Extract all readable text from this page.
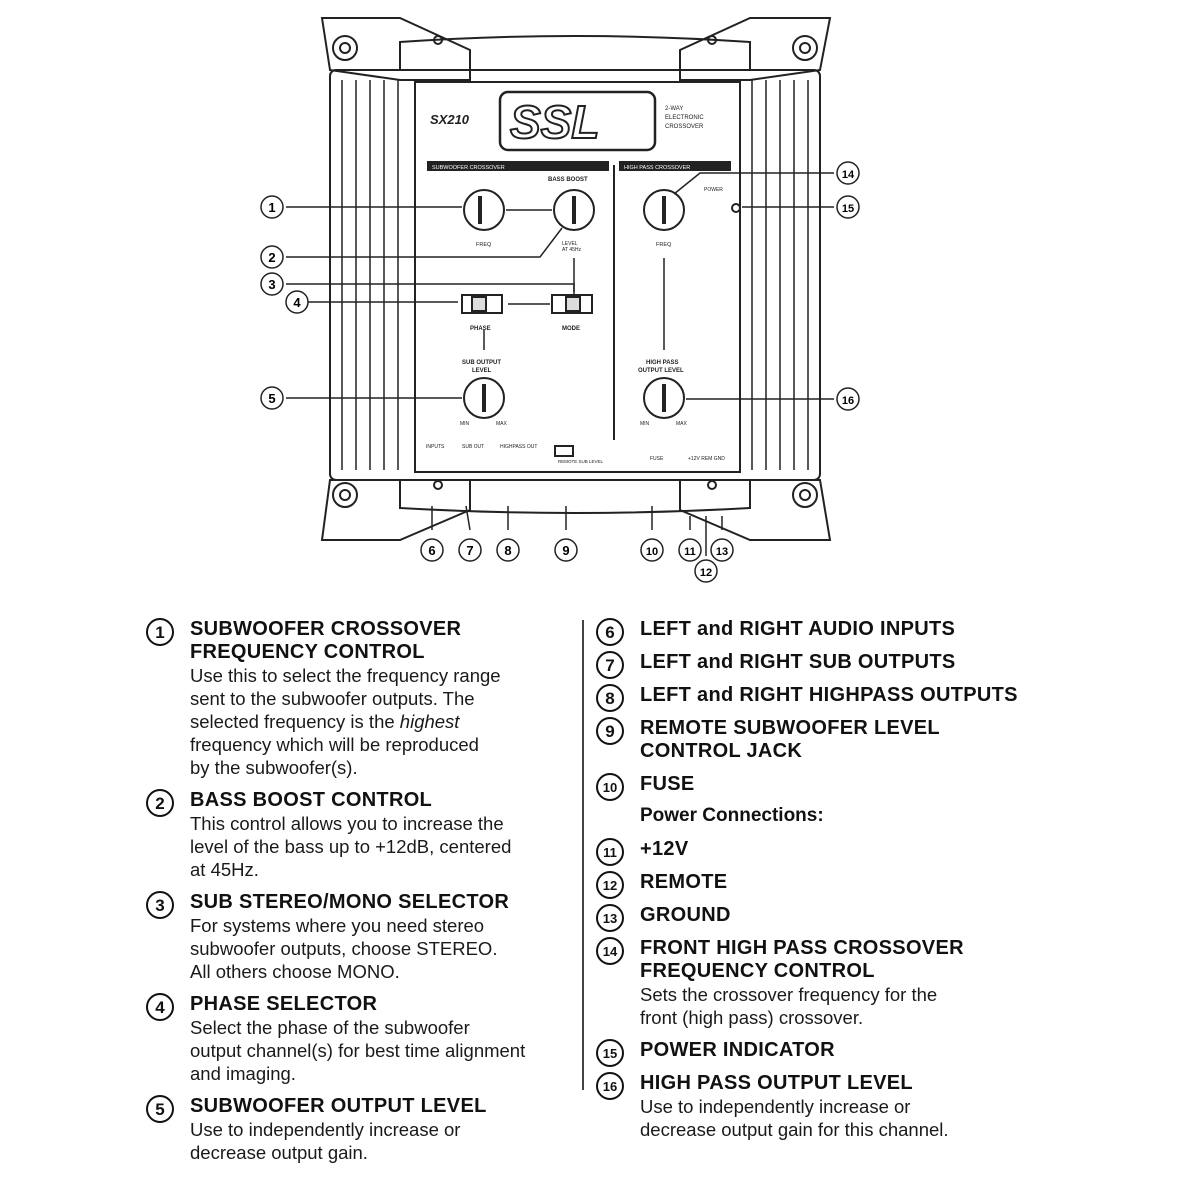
SX210 SSL	2-WAY
ELECTRONIC
CROSSOVER
SUBWOOFER CROSSOVER	HIGH PASS CROSSOVER
BASS BOOST
FREQ	FREQ
PHASE	MODE
SUB OUTPUT
LEVEL
HIGH PASS
OUTPUT LEVEL
LEVEL
AT 45Hz
POWER
MIN	MAX	MIN	MAX
INPUTS	SUB OUT	HIGHPASS OUT
REMOTE SUB LEVEL	FUSE	+12V REM GND
1
2
3
4
5
6 7 8	9	10 11
12
13
14
15
16
1	SUBWOOFER CROSSOVER
FREQUENCY CONTROL
Use this to select the frequency range
sent to the subwoofer outputs. The
selected frequency is the highest
frequency which will be reproduced
by the subwoofer(s).
2	BASS BOOST CONTROL
This control allows you to increase the
level of the bass up to +12dB, centered
at 45Hz.
3	SUB STEREO/MONO SELECTOR
For systems where you need stereo
subwoofer outputs, choose STEREO.
All others choose MONO.
4	PHASE SELECTOR
Select the phase of the subwoofer
output channel(s) for best time alignment
and imaging.
5	SUBWOOFER OUTPUT LEVEL
Use to independently increase or
decrease output gain.
6	LEFT and RIGHT AUDIO INPUTS
7	LEFT and RIGHT SUB OUTPUTS
8	LEFT and RIGHT HIGHPASS OUTPUTS
9	REMOTE SUBWOOFER LEVEL
CONTROL JACK
10	FUSE
Power Connections:
11	+12V
12	REMOTE
13	GROUND
14	FRONT HIGH PASS CROSSOVER
FREQUENCY CONTROL
Sets the crossover frequency for the
front (high pass) crossover.
15	POWER INDICATOR
16	HIGH PASS OUTPUT LEVEL
Use to independently increase or
decrease output gain for this channel.
